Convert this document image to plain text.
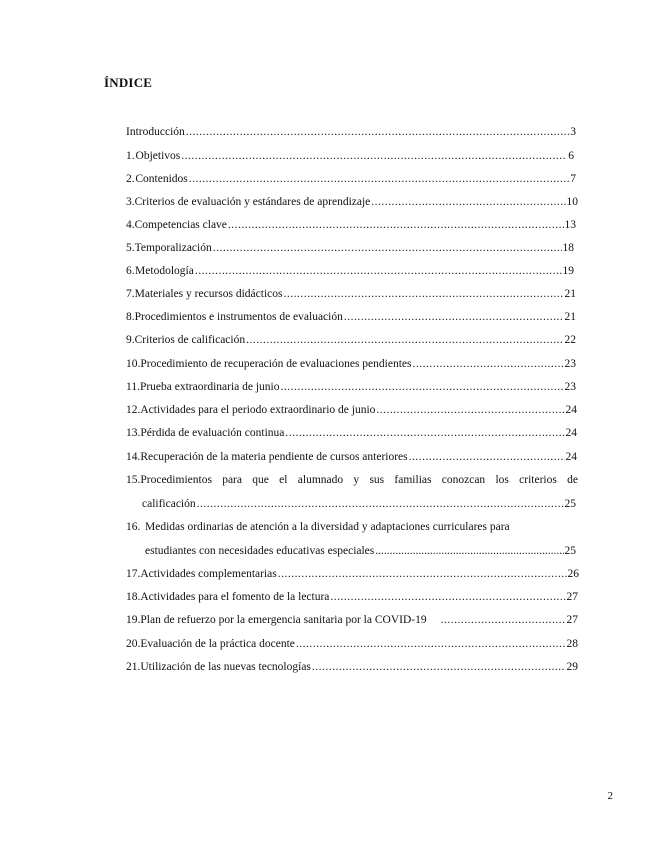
ÍNDICE
Introducción .....	3
1. Objetivos .....	6
2. Contenidos .....	7
3. Criterios de evaluación y estándares de aprendizaje .....	10
4. Competencias clave .....	13
5. Temporalización .....	18
6. Metodología .....	19
7. Materiales y recursos didácticos .....	21
8. Procedimientos e instrumentos de evaluación .....	21
9. Criterios de calificación .....	22
10. Procedimiento de recuperación de evaluaciones pendientes .....	23
11. Prueba extraordinaria de junio .....	23
12. Actividades para el periodo extraordinario de junio .....	24
13. Pérdida de evaluación continua .....	24
14. Recuperación de la materia pendiente de cursos anteriores .....	24
15.Procedimientos para que el alumnado y sus familias conozcan los criterios de
calificación .....	25
16. Medidas ordinarias de atención a la diversidad y adaptaciones curriculares para
estudiantes con necesidades educativas especiales .....	25
17. Actividades complementarias .....	26
18. Actividades para el fomento de la lectura .....	27
19. Plan de refuerzo por la emergencia sanitaria por la COVID-19 .....	27
20. Evaluación de la práctica docente .....	28
21. Utilización de las nuevas tecnologías .....	29
2
